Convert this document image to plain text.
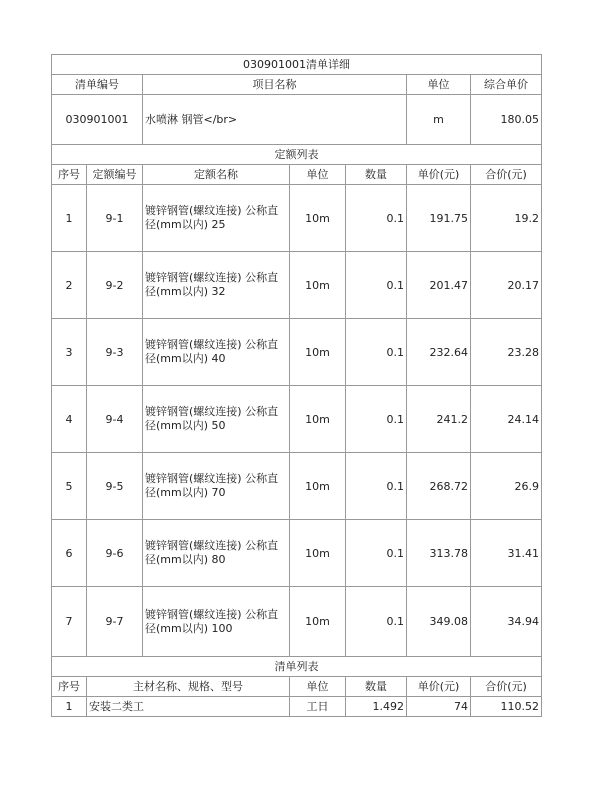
030901001清单详细						
清单编号		项目名称			单位	综合单价
030901001		水喷淋 钢管</br>			m	180.05
定额列表						
序号	定额编号	定额名称	单位	数量	单价(元)	合价(元)
1	9-1	镀锌钢管(螺纹连接) 公称直径(mm以内) 25	10m	0.1	191.75	19.2
2	9-2	镀锌钢管(螺纹连接) 公称直径(mm以内) 32	10m	0.1	201.47	20.17
3	9-3	镀锌钢管(螺纹连接) 公称直径(mm以内) 40	10m	0.1	232.64	23.28
4	9-4	镀锌钢管(螺纹连接) 公称直径(mm以内) 50	10m	0.1	241.2	24.14
5	9-5	镀锌钢管(螺纹连接) 公称直径(mm以内) 70	10m	0.1	268.72	26.9
6	9-6	镀锌钢管(螺纹连接) 公称直径(mm以内) 80	10m	0.1	313.78	31.41
7	9-7	镀锌钢管(螺纹连接) 公称直径(mm以内) 100	10m	0.1	349.08	34.94
清单列表						
序号	主材名称、规格、型号		单位	数量	单价(元)	合价(元)
1	安装二类工		工日	1.492	74	110.52
